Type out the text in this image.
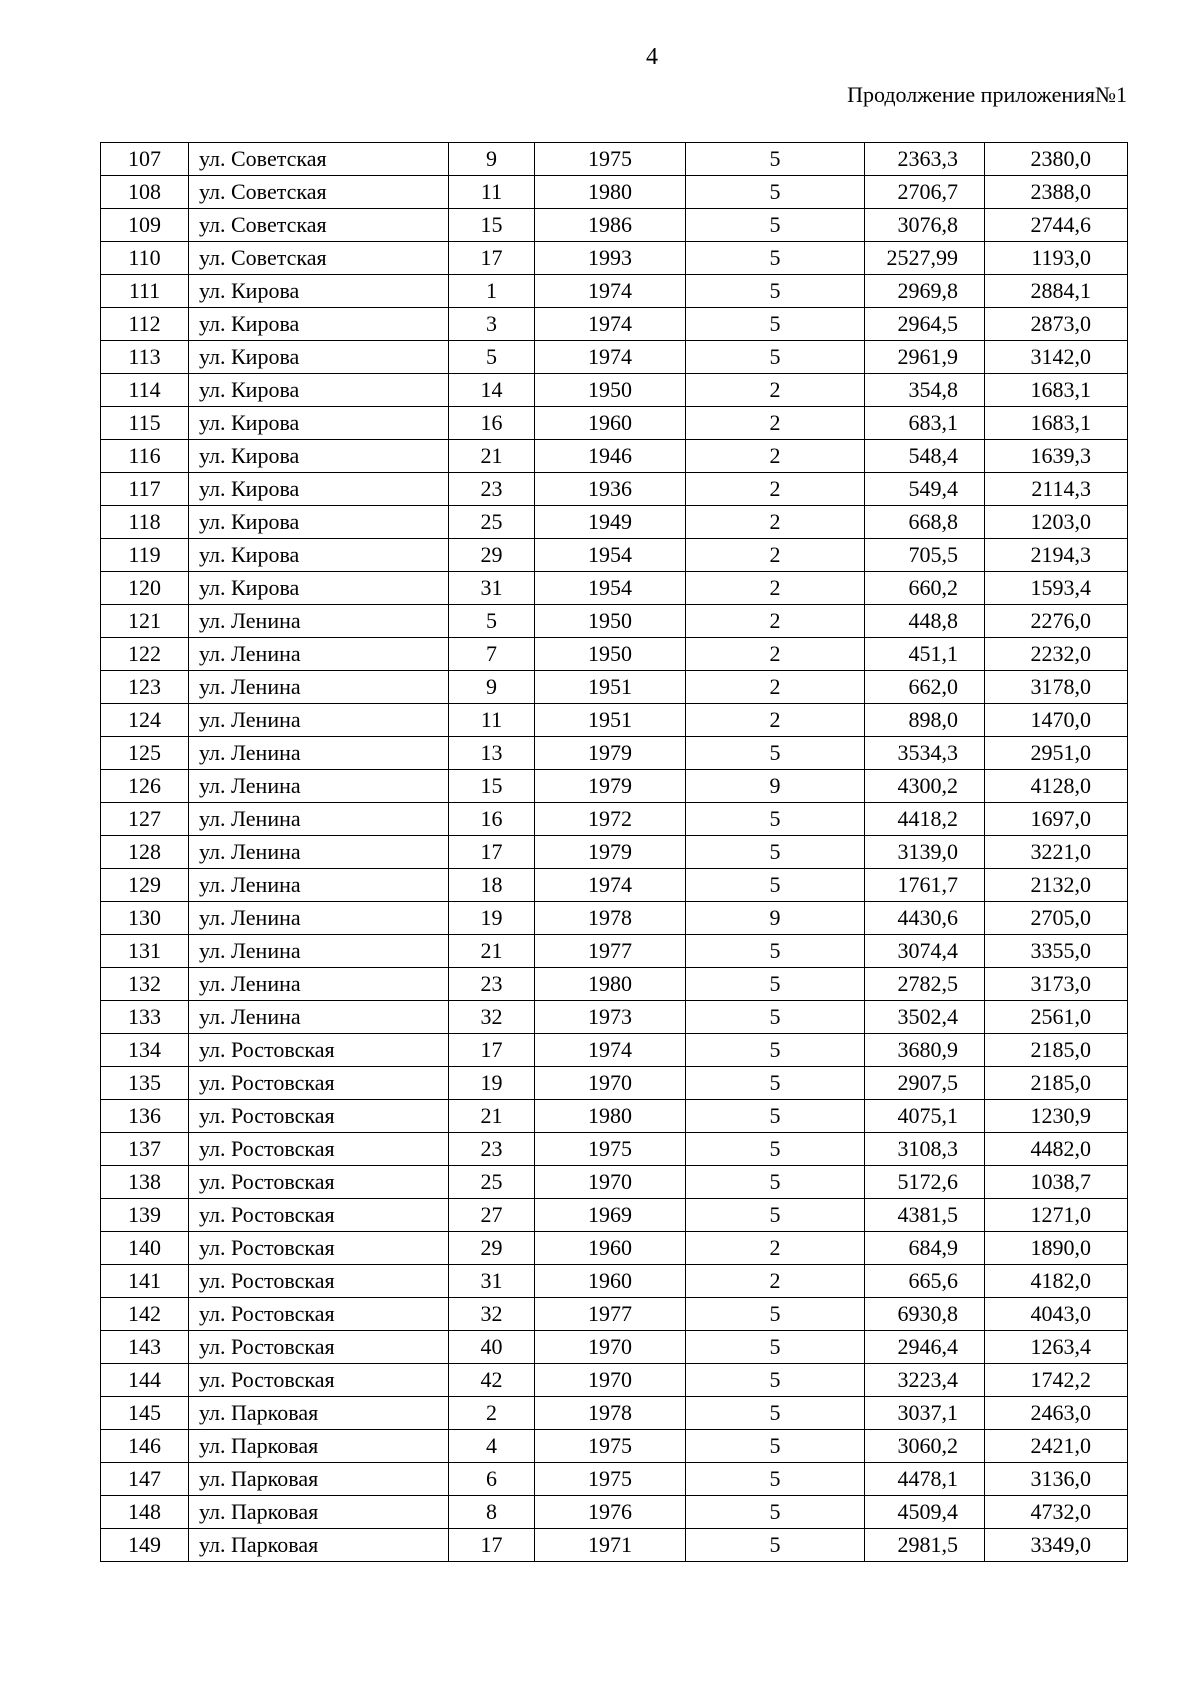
4
Продолжение приложения№1
107	ул. Советская	9	1975	5	2363,3	2380,0
108	ул. Советская	11	1980	5	2706,7	2388,0
109	ул. Советская	15	1986	5	3076,8	2744,6
110	ул. Советская	17	1993	5	2527,99	1193,0
111	ул. Кирова	1	1974	5	2969,8	2884,1
112	ул. Кирова	3	1974	5	2964,5	2873,0
113	ул. Кирова	5	1974	5	2961,9	3142,0
114	ул. Кирова	14	1950	2	354,8	1683,1
115	ул. Кирова	16	1960	2	683,1	1683,1
116	ул. Кирова	21	1946	2	548,4	1639,3
117	ул. Кирова	23	1936	2	549,4	2114,3
118	ул. Кирова	25	1949	2	668,8	1203,0
119	ул. Кирова	29	1954	2	705,5	2194,3
120	ул. Кирова	31	1954	2	660,2	1593,4
121	ул. Ленина	5	1950	2	448,8	2276,0
122	ул. Ленина	7	1950	2	451,1	2232,0
123	ул. Ленина	9	1951	2	662,0	3178,0
124	ул. Ленина	11	1951	2	898,0	1470,0
125	ул. Ленина	13	1979	5	3534,3	2951,0
126	ул. Ленина	15	1979	9	4300,2	4128,0
127	ул. Ленина	16	1972	5	4418,2	1697,0
128	ул. Ленина	17	1979	5	3139,0	3221,0
129	ул. Ленина	18	1974	5	1761,7	2132,0
130	ул. Ленина	19	1978	9	4430,6	2705,0
131	ул. Ленина	21	1977	5	3074,4	3355,0
132	ул. Ленина	23	1980	5	2782,5	3173,0
133	ул. Ленина	32	1973	5	3502,4	2561,0
134	ул. Ростовская	17	1974	5	3680,9	2185,0
135	ул. Ростовская	19	1970	5	2907,5	2185,0
136	ул. Ростовская	21	1980	5	4075,1	1230,9
137	ул. Ростовская	23	1975	5	3108,3	4482,0
138	ул. Ростовская	25	1970	5	5172,6	1038,7
139	ул. Ростовская	27	1969	5	4381,5	1271,0
140	ул. Ростовская	29	1960	2	684,9	1890,0
141	ул. Ростовская	31	1960	2	665,6	4182,0
142	ул. Ростовская	32	1977	5	6930,8	4043,0
143	ул. Ростовская	40	1970	5	2946,4	1263,4
144	ул. Ростовская	42	1970	5	3223,4	1742,2
145	ул. Парковая	2	1978	5	3037,1	2463,0
146	ул. Парковая	4	1975	5	3060,2	2421,0
147	ул. Парковая	6	1975	5	4478,1	3136,0
148	ул. Парковая	8	1976	5	4509,4	4732,0
149	ул. Парковая	17	1971	5	2981,5	3349,0
